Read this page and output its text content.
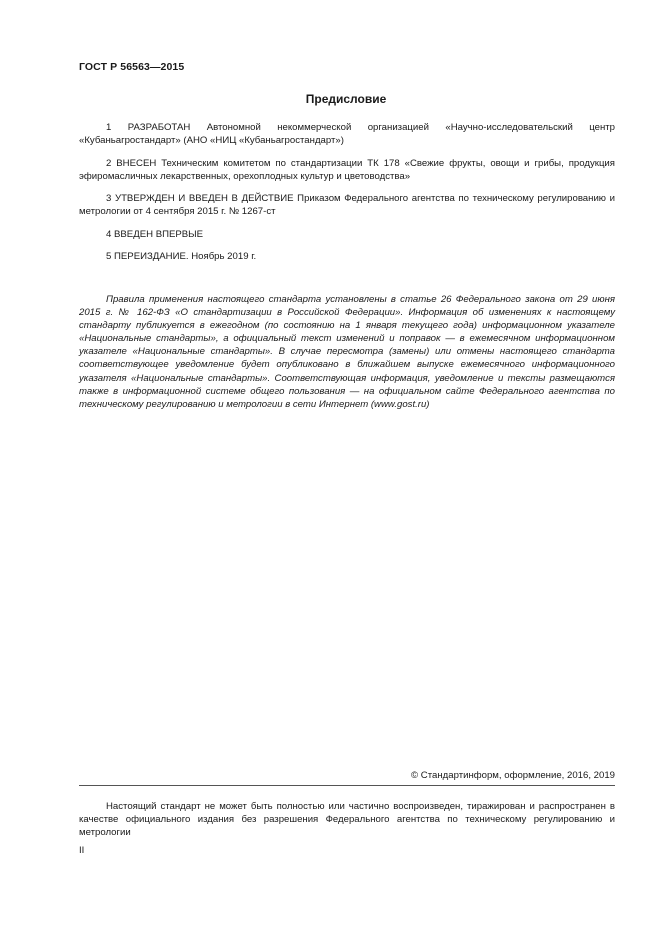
ГОСТ Р 56563—2015
Предисловие

1 РАЗРАБОТАН Автономной некоммерческой организацией «Научно-исследовательский центр «Кубаньагростандарт» (АНО «НИЦ «Кубаньагростандарт»)

2 ВНЕСЕН Техническим комитетом по стандартизации ТК 178 «Свежие фрукты, овощи и грибы, продукция эфиромасличных лекарственных, орехоплодных культур и цветоводства»

3 УТВЕРЖДЕН И ВВЕДЕН В ДЕЙСТВИЕ Приказом Федерального агентства по техническому регулированию и метрологии от 4 сентября 2015 г. № 1267-ст

4 ВВЕДЕН ВПЕРВЫЕ

5 ПЕРЕИЗДАНИЕ. Ноябрь 2019 г.

Правила применения настоящего стандарта установлены в статье 26 Федерального закона от 29 июня 2015 г. № 162-ФЗ «О стандартизации в Российской Федерации». Информация об изменениях к настоящему стандарту публикуется в ежегодном (по состоянию на 1 января текущего года) информационном указателе «Национальные стандарты», а официальный текст изменений и поправок — в ежемесячном информационном указателе «Национальные стандарты». В случае пересмотра (замены) или отмены настоящего стандарта соответствующее уведомление будет опубликовано в ближайшем выпуске ежемесячного информационного указателя «Национальные стандарты». Соответствующая информация, уведомление и тексты размещаются также в информационной системе общего пользования — на официальном сайте Федерального агентства по техническому регулированию и метрологии в сети Интернет (www.gost.ru)

© Стандартинформ, оформление, 2016, 2019

Настоящий стандарт не может быть полностью или частично воспроизведен, тиражирован и распространен в качестве официального издания без разрешения Федерального агентства по техническому регулированию и метрологии

II
